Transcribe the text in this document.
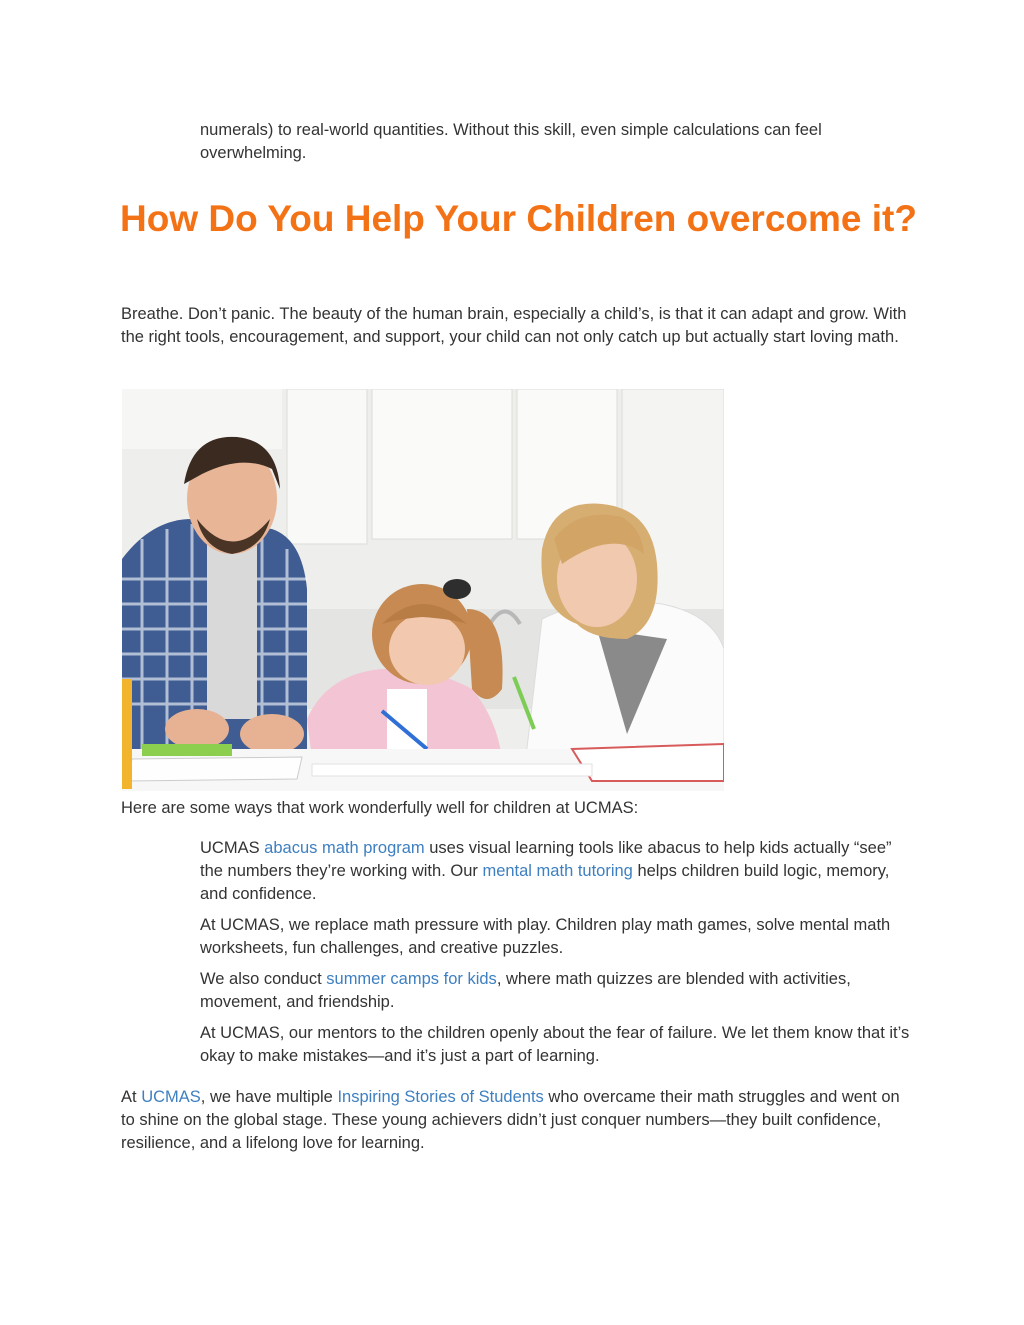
numerals) to real-world quantities. Without this skill, even simple calculations can feel
overwhelming.

How Do You Help Your Children overcome it?

Breathe. Don’t panic. The beauty of the human brain, especially a child’s, is that it can adapt and grow. With the right tools, encouragement, and support, your child can not only catch up but actually start loving math.

Here are some ways that work wonderfully well for children at UCMAS:

UCMAS abacus math program uses visual learning tools like abacus to help kids actually “see” the numbers they’re working with. Our mental math tutoring helps children build logic, memory, and confidence.

At UCMAS, we replace math pressure with play. Children play math games, solve mental math worksheets, fun challenges, and creative puzzles.

We also conduct summer camps for kids, where math quizzes are blended with activities, movement, and friendship.

At UCMAS, our mentors to the children openly about the fear of failure. We let them know that it’s okay to make mistakes—and it’s just a part of learning.

At UCMAS, we have multiple Inspiring Stories of Students who overcame their math struggles and went on to shine on the global stage. These young achievers didn’t just conquer numbers—they built confidence, resilience, and a lifelong love for learning.
